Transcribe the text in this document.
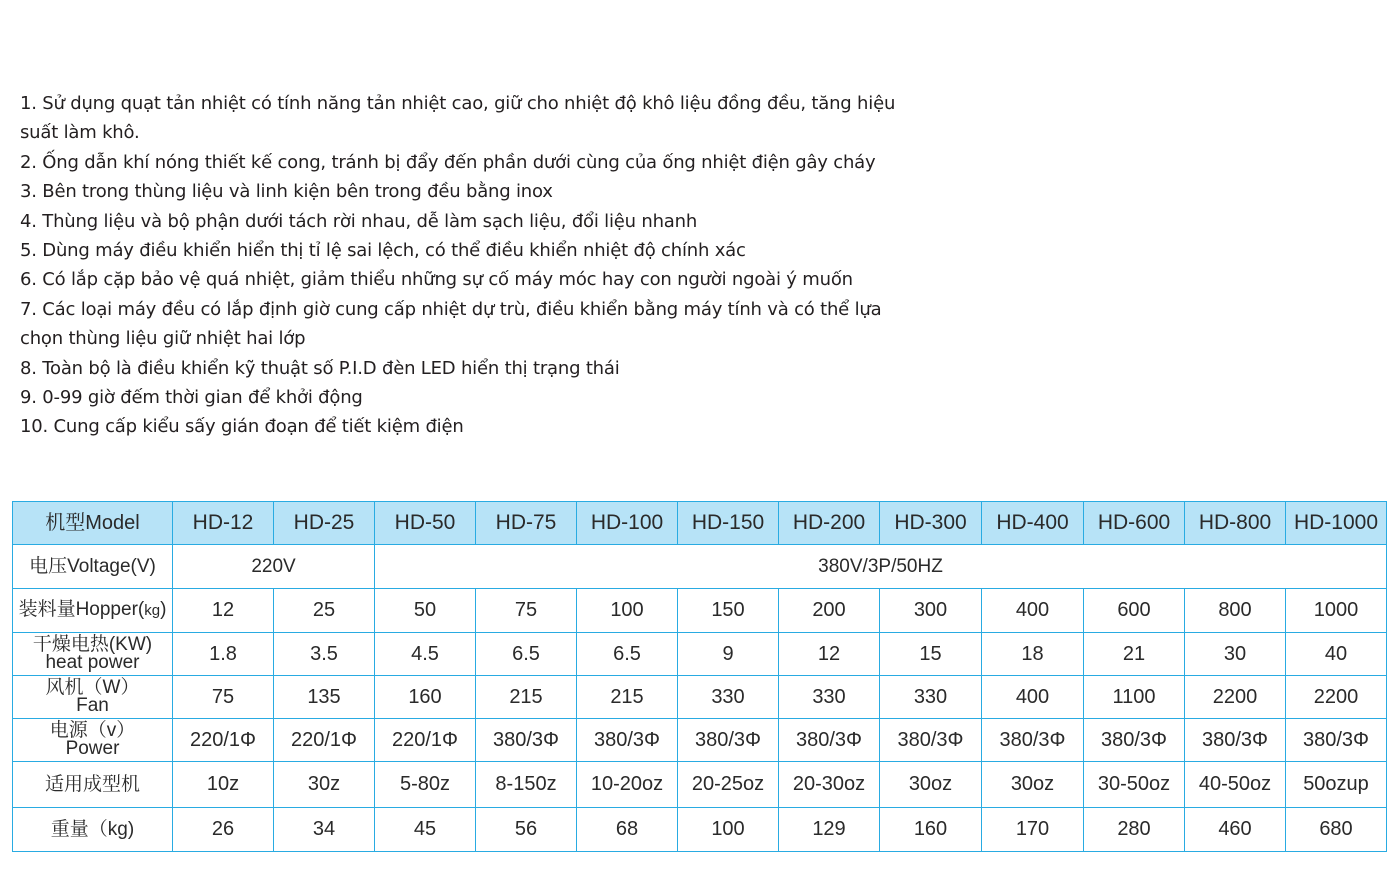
1. Sử dụng quạt tản nhiệt có tính năng tản nhiệt cao, giữ cho nhiệt độ khô liệu đồng đều, tăng hiệu suất làm khô.

2. Ống dẫn khí nóng thiết kế cong, tránh bị đẩy đến phần dưới cùng của ống nhiệt điện gây cháy

3. Bên trong thùng liệu và linh kiện bên trong đều bằng inox

4. Thùng liệu và bộ phận dưới tách rời nhau, dễ làm sạch liệu, đổi liệu nhanh

5. Dùng máy điều khiển hiển thị tỉ lệ sai lệch, có thể điều khiển nhiệt độ chính xác

6. Có lắp cặp bảo vệ quá nhiệt, giảm thiểu những sự cố máy móc hay con người ngoài ý muốn

7. Các loại máy đều có lắp định giờ cung cấp nhiệt dự trù, điều khiển bằng máy tính và có thể lựa chọn thùng liệu giữ nhiệt hai lớp

8. Toàn bộ là điều khiển kỹ thuật số P.I.D đèn LED hiển thị trạng thái

9. 0-99 giờ đếm thời gian để khởi động

10. Cung cấp kiểu sấy gián đoạn để tiết kiệm điện

机型Model	HD-12	HD-25	HD-50	HD-75	HD-100	HD-150	HD-200	HD-300	HD-400	HD-600	HD-800	HD-1000
电压Voltage(V)	220V		380V/3P/50HZ									
装料量Hopper(kg)	12	25	50	75	100	150	200	300	400	600	800	1000

干燥电热(KW)
heat power	1.8	3.5	4.5	6.5	6.5	9	12	15	18	21	30	40

风机（W）
Fan	75	135	160	215	215	330	330	330	400	1100	2200	2200

电源（v）
Power	220/1Φ	220/1Φ	220/1Φ	380/3Φ	380/3Φ	380/3Φ	380/3Φ	380/3Φ	380/3Φ	380/3Φ	380/3Φ	380/3Φ
适用成型机	10z	30z	5-80z	8-150z	10-20oz	20-25oz	20-30oz	30oz	30oz	30-50oz	40-50oz	50ozup
重量（kg)	26	34	45	56	68	100	129	160	170	280	460	680
